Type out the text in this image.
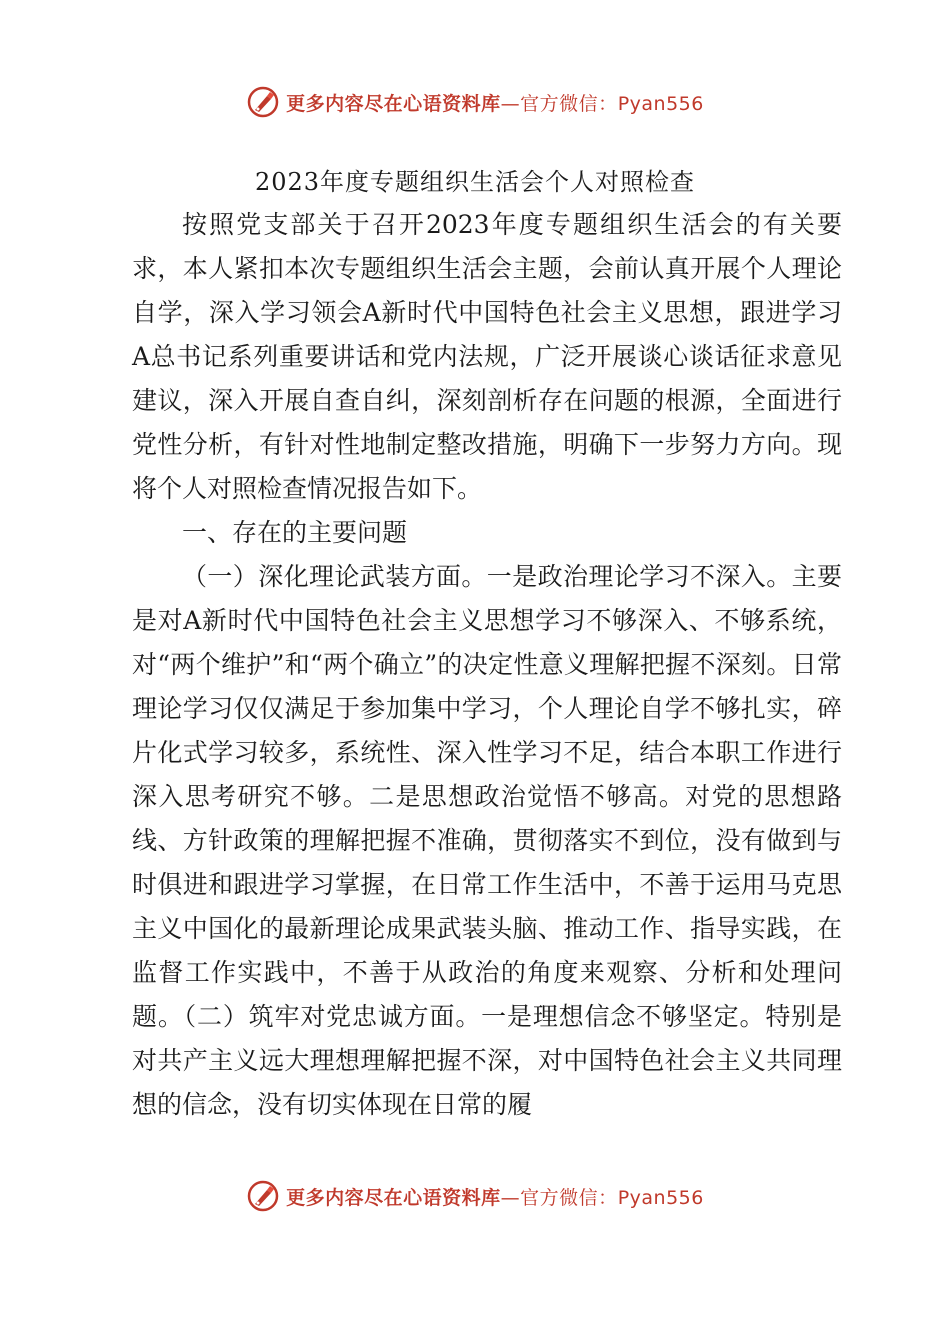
更多内容尽在心语资料库—官方微信：Pyan556
2023年度专题组织生活会个人对照检查

按照党支部关于召开2023年度专题组织生活会的有关要求，本人紧扣本次专题组织生活会主题，会前认真开展个人理论自学，深入学习领会A新时代中国特色社会主义思想，跟进学习A总书记系列重要讲话和党内法规，广泛开展谈心谈话征求意见建议，深入开展自查自纠，深刻剖析存在问题的根源，全面进行党性分析，有针对性地制定整改措施，明确下一步努力方向。现将个人对照检查情况报告如下。

一、存在的主要问题

（一）深化理论武装方面。一是政治理论学习不深入。主要是对A新时代中国特色社会主义思想学习不够深入、不够系统，对“两个维护”和“两个确立”的决定性意义理解把握不深刻。日常理论学习仅仅满足于参加集中学习，个人理论自学不够扎实，碎片化式学习较多，系统性、深入性学习不足，结合本职工作进行深入思考研究不够。二是思想政治觉悟不够高。对党的思想路线、方针政策的理解把握不准确，贯彻落实不到位，没有做到与时俱进和跟进学习掌握，在日常工作生活中，不善于运用马克思主义中国化的最新理论成果武装头脑、推动工作、指导实践，在监督工作实践中，不善于从政治的角度来观察、分析和处理问题。（二）筑牢对党忠诚方面。一是理想信念不够坚定。特别是对共产主义远大理想理解把握不深，对中国特色社会主义共同理想的信念，没有切实体现在日常的履

更多内容尽在心语资料库—官方微信：Pyan556
